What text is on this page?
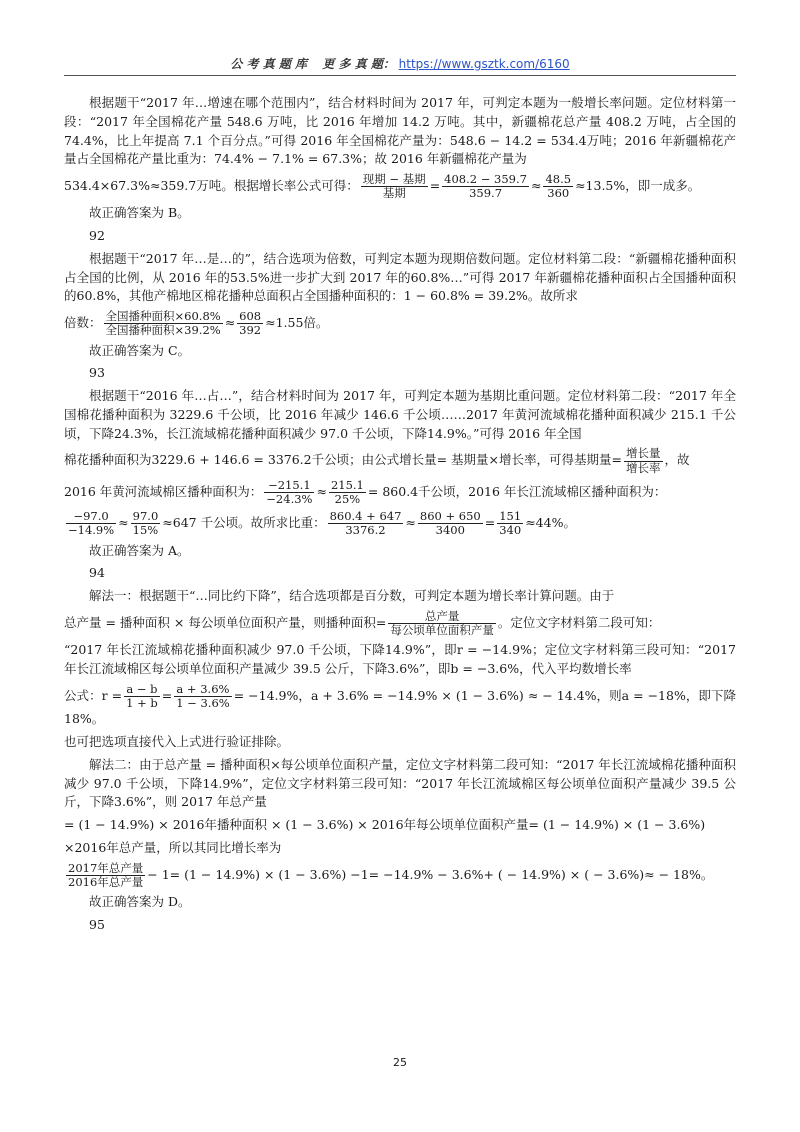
公 考 真 题 库 更 多 真 题： https://www.gsztk.com/6160

根据题干“2017 年…增速在哪个范围内”，结合材料时间为 2017 年，可判定本题为一般增长率问题。定位材料第一段：“2017 年全国棉花产量 548.6 万吨，比 2016 年增加 14.2 万吨。其中，新疆棉花总产量 408.2 万吨，占全国的74.4%，比上年提高 7.1 个百分点。”可得 2016 年全国棉花产量为：548.6 − 14.2 = 534.4万吨；2016 年新疆棉花产量占全国棉花产量比重为：74.4% − 7.1% = 67.3%；故 2016 年新疆棉花产量为

534.4×67.3%≈359.7万吨。根据增长率公式可得： $\frac{\text{现期 − 基期}}{\text{基期}} = \frac{408.2 - 359.7}{359.7} \approx \frac{48.5}{360} \approx 13.5\%$，即一成多。

故正确答案为 B。

92

根据题干“2017 年…是…的”，结合选项为倍数，可判定本题为现期倍数问题。定位材料第二段：“新疆棉花播种面积占全国的比例，从 2016 年的53.5%进一步扩大到 2017 年的60.8%…”可得 2017 年新疆棉花播种面积占全国播种面积的60.8%，其他产棉地区棉花播种总面积占全国播种面积的：1 − 60.8% = 39.2%。故所求

倍数： $\frac{\text{全国播种面积×60.8\%}}{\text{全国播种面积×39.2\%}} \approx \frac{608}{392} \approx 1.55$倍。

故正确答案为 C。

93

根据题干“2016 年…占…”，结合材料时间为 2017 年，可判定本题为基期比重问题。定位材料第二段：“2017 年全国棉花播种面积为 3229.6 千公顷，比 2016 年减少 146.6 千公顷……2017 年黄河流域棉花播种面积减少 215.1 千公顷，下降24.3%，长江流域棉花播种面积减少 97.0 千公顷，下降14.9%。”可得 2016 年全国

棉花播种面积为3229.6 + 146.6 = 3376.2千公顷；由公式增长量= 基期量×增长率，可得基期量= $\frac{\text{增长量}}{\text{增长率}}$ ，故

2016 年黄河流域棉区播种面积为： $\frac{-215.1}{-24.3\%} \approx \frac{215.1}{25\%} = 860.4$千公顷，2016 年长江流域棉区播种面积为：

$\frac{-97.0}{-14.9\%} \approx \frac{97.0}{15\%} \approx 647$ 千公顷。故所求比重： $\frac{860.4 + 647}{3376.2} \approx \frac{860 + 650}{3400} = \frac{151}{340} \approx 44\%$。

故正确答案为 A。

94

解法一：根据题干“…同比约下降”，结合选项都是百分数，可判定本题为增长率计算问题。由于

总产量 = 播种面积 × 每公顷单位面积产量，则播种面积= $\frac{\text{总产量}}{\text{每公顷单位面积产量}}$ 。定位文字材料第二段可知：

“2017 年长江流域棉花播种面积减少 97.0 千公顷，下降14.9%”，即r = −14.9%；定位文字材料第三段可知：“2017 年长江流域棉区每公顷单位面积产量减少 39.5 公斤，下降3.6%”，即b = −3.6%，代入平均数增长率

公式：$r = \frac{a - b}{1 + b} = \frac{a + 3.6\%}{1 - 3.6\%} = -14.9\%$，a + 3.6% = −14.9% × (1 − 3.6%) ≈ − 14.4%，则a = −18%，即下降18%。

也可把选项直接代入上式进行验证排除。

解法二：由于总产量 = 播种面积×每公顷单位面积产量，定位文字材料第二段可知：“2017 年长江流域棉花播种面积减少 97.0 千公顷，下降14.9%”，定位文字材料第三段可知：“2017 年长江流域棉区每公顷单位面积产量减少 39.5 公斤，下降3.6%”，则 2017 年总产量

= (1 − 14.9%) × 2016年播种面积 × (1 − 3.6%) × 2016年每公顷单位面积产量= (1 − 14.9%) × (1 − 3.6%)

×2016年总产量，所以其同比增长率为

$\frac{\text{2017年总产量}}{\text{2016年总产量}} - 1= (1 - 14.9\%) \times (1 - 3.6\%) -1= -14.9\% - 3.6\%+$ ( − 14.9%) × ( − 3.6%)≈ − 18%。

故正确答案为 D。

95

25
